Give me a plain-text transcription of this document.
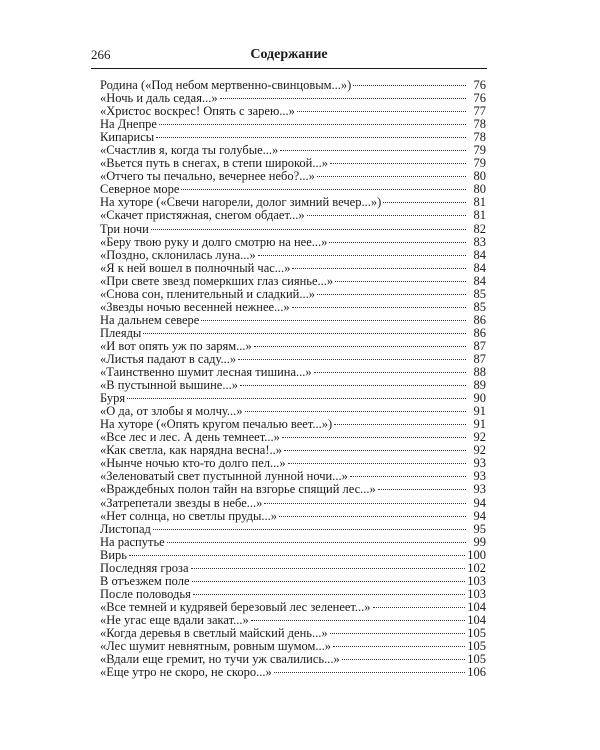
266	Содержание
Родина («Под небом мертвенно-свинцовым...»)	76
«Ночь и даль седая...»	76
«Христос воскрес! Опять с зарею...»	77
На Днепре	78
Кипарисы	78
«Счастлив я, когда ты голубые...»	79
«Вьется путь в снегах, в степи широкой...»	79
«Отчего ты печально, вечернее небо?...»	80
Северное море	80
На хуторе («Свечи нагорели, долог зимний вечер...»)	81
«Скачет пристяжная, снегом обдает...»	81
Три ночи	82
«Беру твою руку и долго смотрю на нее...»	83
«Поздно, склонилась луна...»	84
«Я к ней вошел в полночный час...»	84
«При свете звезд померкших глаз сиянье...»	84
«Снова сон, пленительный и сладкий...»	85
«Звезды ночью весенней нежнее...»	85
На дальнем севере	86
Плеяды	86
«И вот опять уж по зарям...»	87
«Листья падают в саду...»	87
«Таинственно шумит лесная тишина...»	88
«В пустынной вышине...»	89
Буря	90
«О да, от злобы я молчу...»	91
На хуторе («Опять кругом печалью веет...»)	91
«Все лес и лес. А день темнеет...»	92
«Как светла, как нарядна весна!..»	92
«Нынче ночью кто-то долго пел...»	93
«Зеленоватый свет пустынной лунной ночи...»	93
«Враждебных полон тайн на взгорье спящий лес...»	93
«Затрепетали звезды в небе...»	94
«Нет солнца, но светлы пруды...»	94
Листопад	95
На распутье	99
Вирь	100
Последняя гроза	102
В отъезжем поле	103
После половодья	103
«Все темней и кудрявей березовый лес зеленеет...»	104
«Не угас еще вдали закат...»	104
«Когда деревья в светлый майский день...»	105
«Лес шумит невнятным, ровным шумом...»	105
«Вдали еще гремит, но тучи уж свалились...»	105
«Еще утро не скоро, не скоро...»	106
